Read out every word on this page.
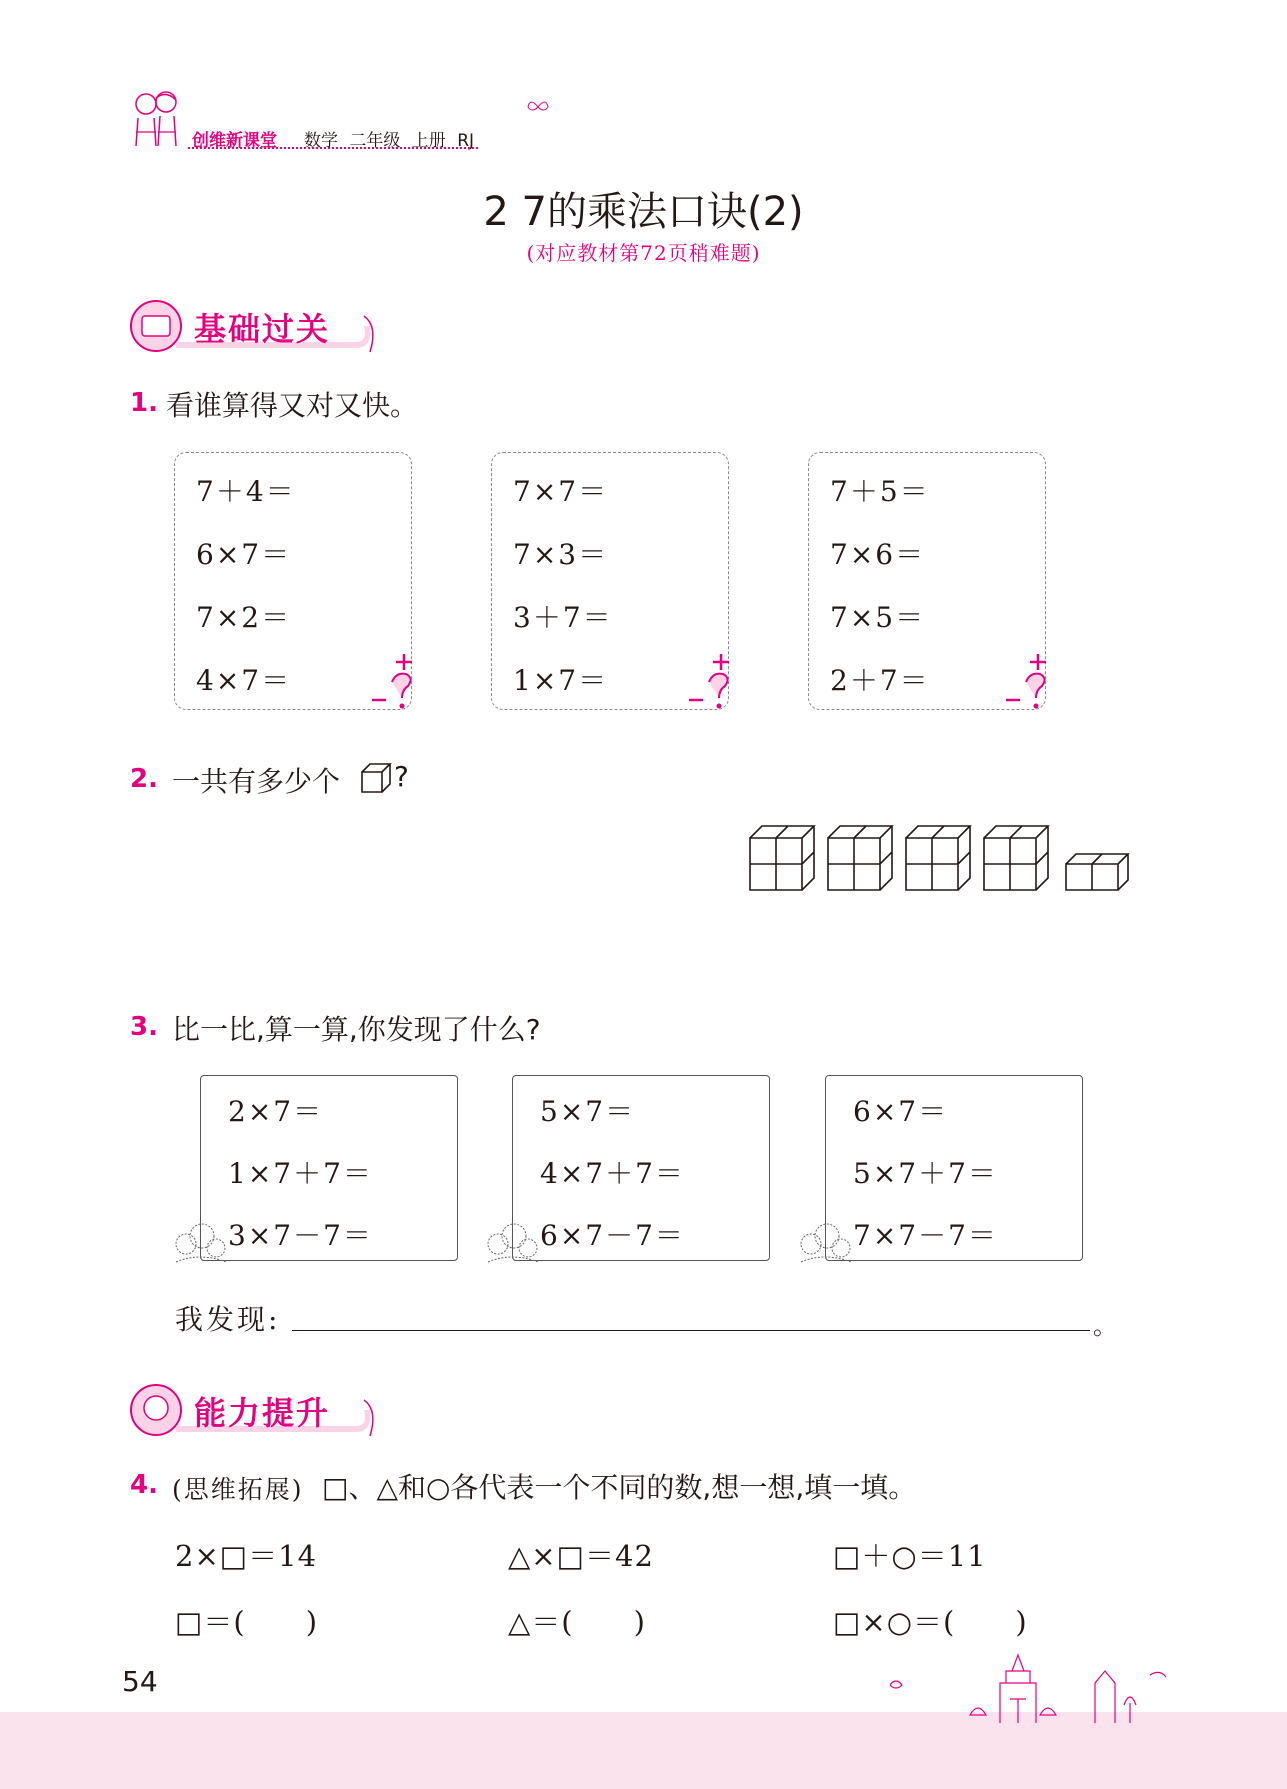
创维新课堂 数学 二年级 上册 RJ
2 7的乘法口诀(2)
(对应教材第72页稍难题)
基础过关
1. 看谁算得又对又快。
7＋4＝
6×7＝
7×2＝
4×7＝
7×7＝
7×3＝
3＋7＝
1×7＝
7＋5＝
7×6＝
7×5＝
2＋7＝
2. 一共有多少个 ?
3. 比一比,算一算,你发现了什么?
2×7＝
1×7＋7＝
3×7－7＝
5×7＝
4×7＋7＝
6×7－7＝
6×7＝
5×7＋7＝
7×7－7＝
我发现:	。
能力提升
4. (思维拓展) □、△和○各代表一个不同的数,想一想,填一填。
2×□＝14	△×□＝42	□＋○＝11
□＝(　　)	△＝(　　)	□×○＝(　　)
54
